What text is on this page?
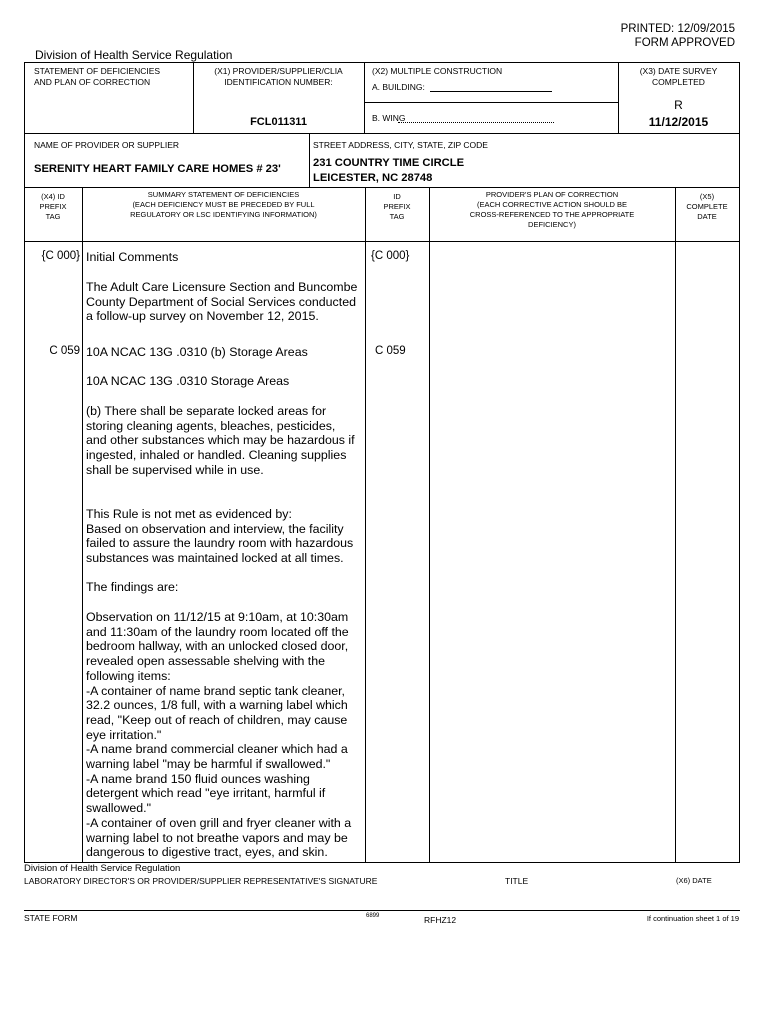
PRINTED: 12/09/2015
FORM APPROVED
Division of Health Service Regulation
STATEMENT OF DEFICIENCIES
AND PLAN OF CORRECTION
(X1) PROVIDER/SUPPLIER/CLIA
IDENTIFICATION NUMBER:
FCL011311
(X2) MULTIPLE CONSTRUCTION
A. BUILDING:
B. WING
(X3) DATE SURVEY
COMPLETED
R
11/12/2015
NAME OF PROVIDER OR SUPPLIER
SERENITY HEART FAMILY CARE HOMES # 23'
STREET ADDRESS, CITY, STATE, ZIP CODE
231 COUNTRY TIME CIRCLE
LEICESTER, NC 28748
(X4) ID
PREFIX
TAG
SUMMARY STATEMENT OF DEFICIENCIES
(EACH DEFICIENCY MUST BE PRECEDED BY FULL
REGULATORY OR LSC IDENTIFYING INFORMATION)
ID
PREFIX
TAG
PROVIDER'S PLAN OF CORRECTION
(EACH CORRECTIVE ACTION SHOULD BE
CROSS-REFERENCED TO THE APPROPRIATE
DEFICIENCY)
(X5)
COMPLETE
DATE
{C 000} Initial Comments	{C 000}
The Adult Care Licensure Section and Buncombe
County Department of Social Services conducted
a follow-up survey on November 12, 2015.
C 059 10A NCAC 13G .0310 (b) Storage Areas	C 059
10A NCAC 13G .0310 Storage Areas
(b) There shall be separate locked areas for
storing cleaning agents, bleaches, pesticides,
and other substances which may be hazardous if
ingested, inhaled or handled. Cleaning supplies
shall be supervised while in use.
This Rule is not met as evidenced by:
Based on observation and interview, the facility
failed to assure the laundry room with hazardous
substances was maintained locked at all times.
The findings are:
Observation on 11/12/15 at 9:10am, at 10:30am
and 11:30am of the laundry room located off the
bedroom hallway, with an unlocked closed door,
revealed open assessable shelving with the
following items:
-A container of name brand septic tank cleaner,
32.2 ounces, 1/8 full, with a warning label which
read, "Keep out of reach of children, may cause
eye irritation."
-A name brand commercial cleaner which had a
warning label "may be harmful if swallowed."
-A name brand 150 fluid ounces washing
detergent which read "eye irritant, harmful if
swallowed."
-A container of oven grill and fryer cleaner with a
warning label to not breathe vapors and may be
dangerous to digestive tract, eyes, and skin.
Division of Health Service Regulation
LABORATORY DIRECTOR'S OR PROVIDER/SUPPLIER REPRESENTATIVE'S SIGNATURE	TITLE	(X6) DATE
STATE FORM	6899	RFHZ12	If continuation sheet 1 of 19
